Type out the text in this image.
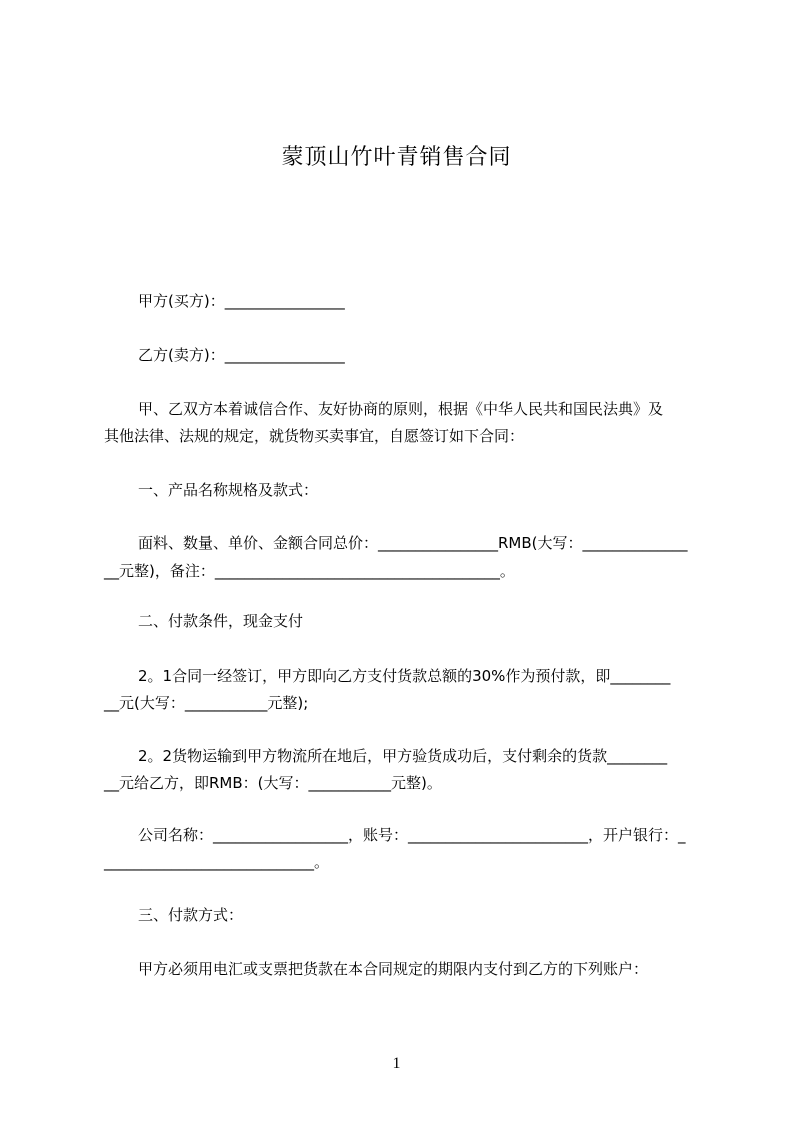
蒙顶山竹叶青销售合同
甲方(买方)：________________
乙方(卖方)：________________
甲、乙双方本着诚信合作、友好协商的原则，根据《中华人民共和国民法典》及
其他法律、法规的规定，就货物买卖事宜，自愿签订如下合同：
一、产品名称规格及款式：
面料、数量、单价、金额合同总价：________________RMB(大写：______________
__元整)，备注：______________________________________。
二、付款条件，现金支付
2。1合同一经签订，甲方即向乙方支付货款总额的30%作为预付款，即________
__元(大写：___________元整);
2。2货物运输到甲方物流所在地后，甲方验货成功后，支付剩余的货款________
__元给乙方，即RMB：(大写：___________元整)。
公司名称：__________________，账号：________________________，开户银行：_
____________________________。
三、付款方式：
甲方必须用电汇或支票把货款在本合同规定的期限内支付到乙方的下列账户：
1
